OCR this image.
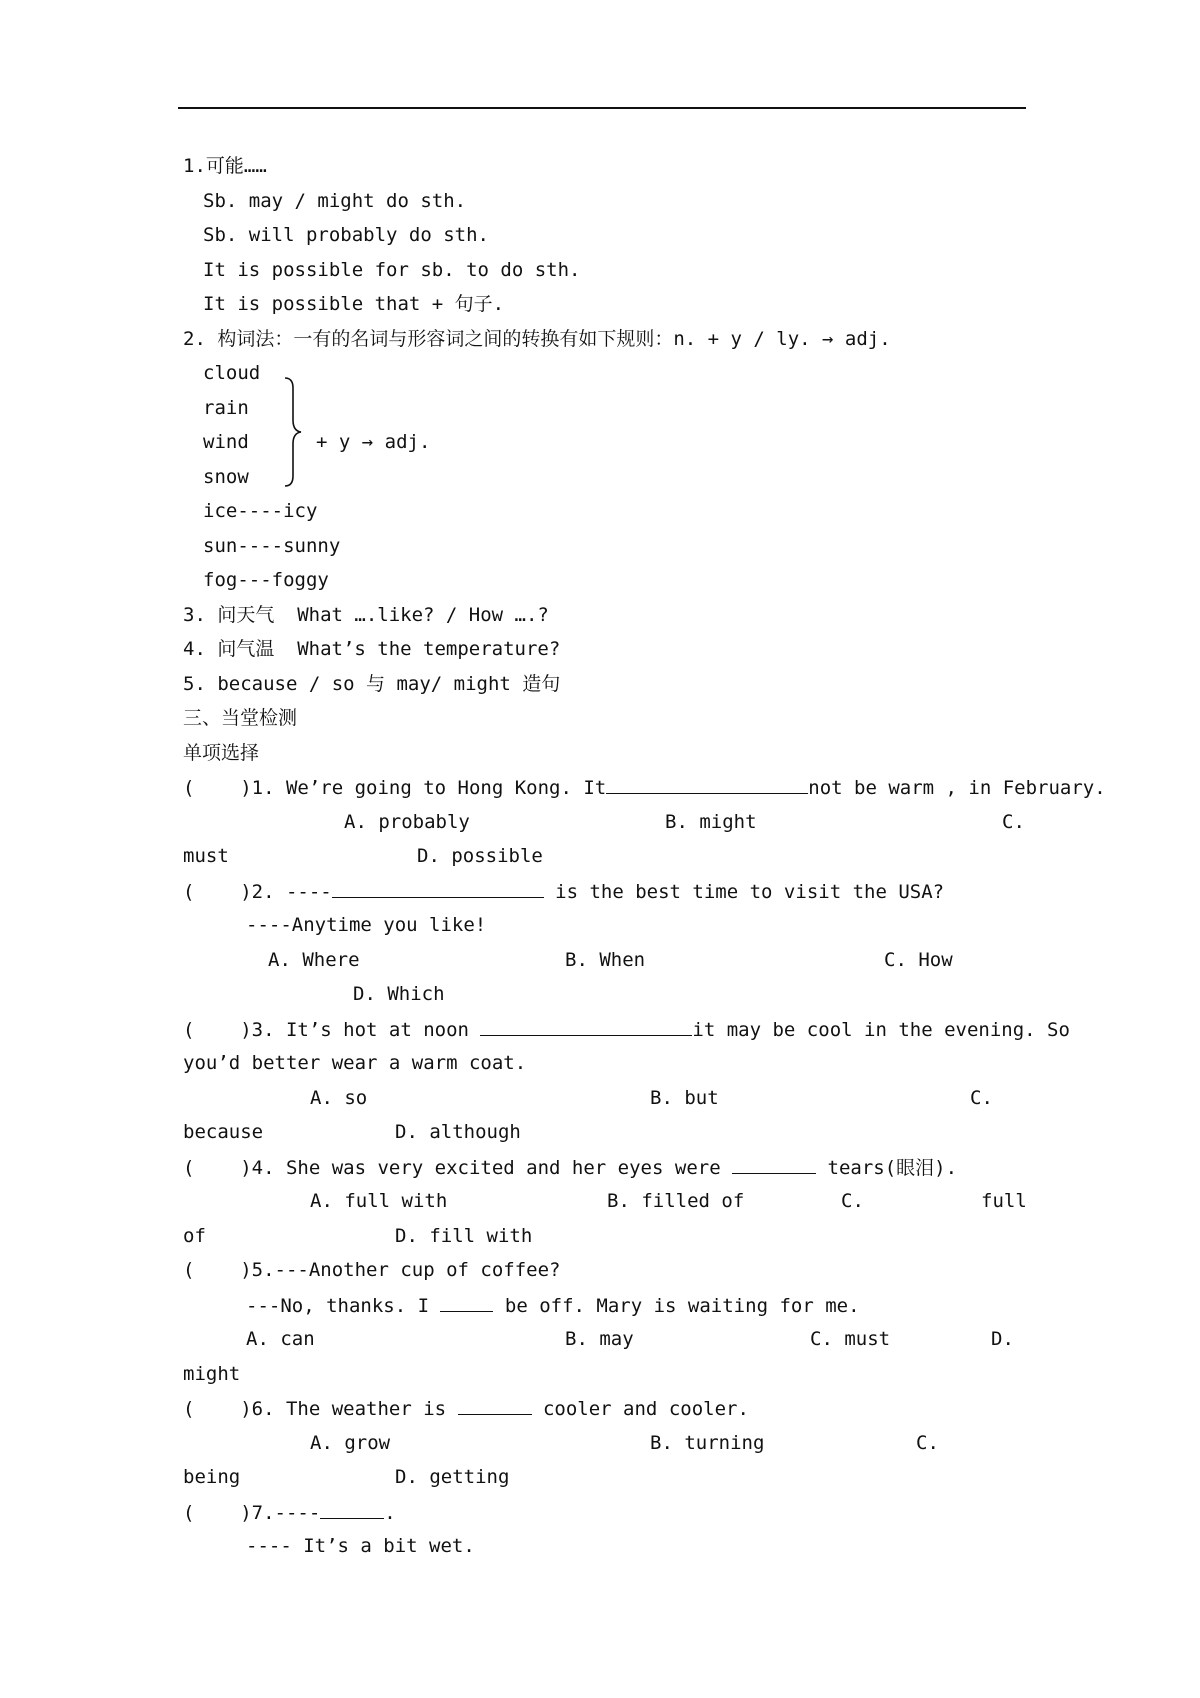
1.可能……
Sb. may / might do sth.
Sb. will probably do sth.
It is possible for sb. to do sth.
It is possible that + 句子.
2. 构词法：一有的名词与形容词之间的转换有如下规则：n. + y / ly. → adj.
cloud
rain
wind
snow
+ y → adj.
ice----icy
sun----sunny
fog---foggy
3. 问天气  What ….like? / How ….?
4. 问气温  What’s the temperature?
5. because / so 与 may/ might 造句
三、当堂检测
单项选择
(    )1. We’re going to Hong Kong. It	not be warm , in February.
A. probably	B. might	C.
must	D. possible
(    )2. ----	is the best time to visit the USA?
----Anytime you like!
A. Where	B. When	C. How
D. Which
(    )3. It’s hot at noon	it may be cool in the evening. So
you’d better wear a warm coat.
A. so	B. but	C.
because	D. although
(    )4. She was very excited and her eyes were	tears(眼泪).
A. full with	B. filled of	C.	full
of	D. fill with
(    )5.---Another cup of coffee?
---No, thanks. I	be off. Mary is waiting for me.
A. can	B. may	C. must	D.
might
(    )6. The weather is	cooler and cooler.
A. grow	B. turning	C.
being	D. getting
(    )7.----	.
---- It’s a bit wet.
